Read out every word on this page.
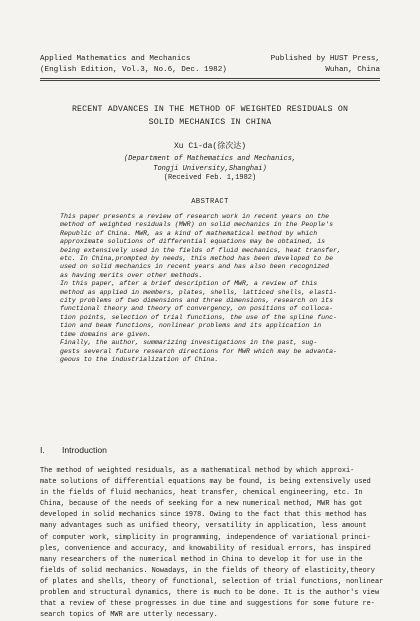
Applied Mathematics and Mechanics
(English Edition, Vol.3, No.6, Dec. 1982)
Published by HUST Press,
Wuhan, China
RECENT ADVANCES IN THE METHOD OF WEIGHTED RESIDUALS ON
SOLID MECHANICS IN CHINA
Xu Ci-da(徐次达)
(Department of Mathematics and Mechanics,
Tongji University,Shanghai)
(Received Feb. 1,1982)
ABSTRACT
This paper presents a review of research work in recent years on the
method of weighted residuals (MWR) on solid mechanics in the People's
Republic of China. MWR, as a kind of mathematical method by which
approximate solutions of differential equations may be obtained, is
being extensively used in the fields of fluid mechanics, heat transfer,
etc. In China,prompted by needs, this method has been developed to be
used on solid mechanics in recent years and has also been recognized
as having merits over other methods.
In this paper, after a brief description of MWR, a review of this
method as applied in members, plates, shells, latticed shells, elasti-
city problems of two dimensions and three dimensions, research on its
functional theory and theory of convergency, on positions of colloca-
tion points, selection of trial functions, the use of the spline func-
tion and beam functions, nonlinear problems and its application in
time domains are given.
Finally, the author, summarizing investigations in the past, sug-
gests several future research directions for MWR which may be advanta-
geous to the industrialization of China.
I. Introduction
The method of weighted residuals, as a mathematical method by which approxi-
mate solutions of differential equations may be found, is being extensively used
in the fields of fluid mechanics, heat transfer, chemical engineering, etc. In
China, because of the needs of seeking for a new numerical method, MWR has got
developed in solid mechanics since 1978. Owing to the fact that this method has
many advantages such as unified theory, versatility in application, less amount
of computer work, simplicity in programming, independence of variational princi-
ples, convenience and accuracy, and knowability of residual errors, has inspired
many researchers of the numerical method in China to develop it for use in the
fields of solid mechanics. Nowadays, in the fields of theory of elasticity,theory
of plates and shells, theory of functional, selection of trial functions, nonlinear
problem and structural dynamics, there is much to be done. It is the author's view
that a review of these progresses in due time and suggestions for some future re-
search topics of MWR are utterly necessary.
